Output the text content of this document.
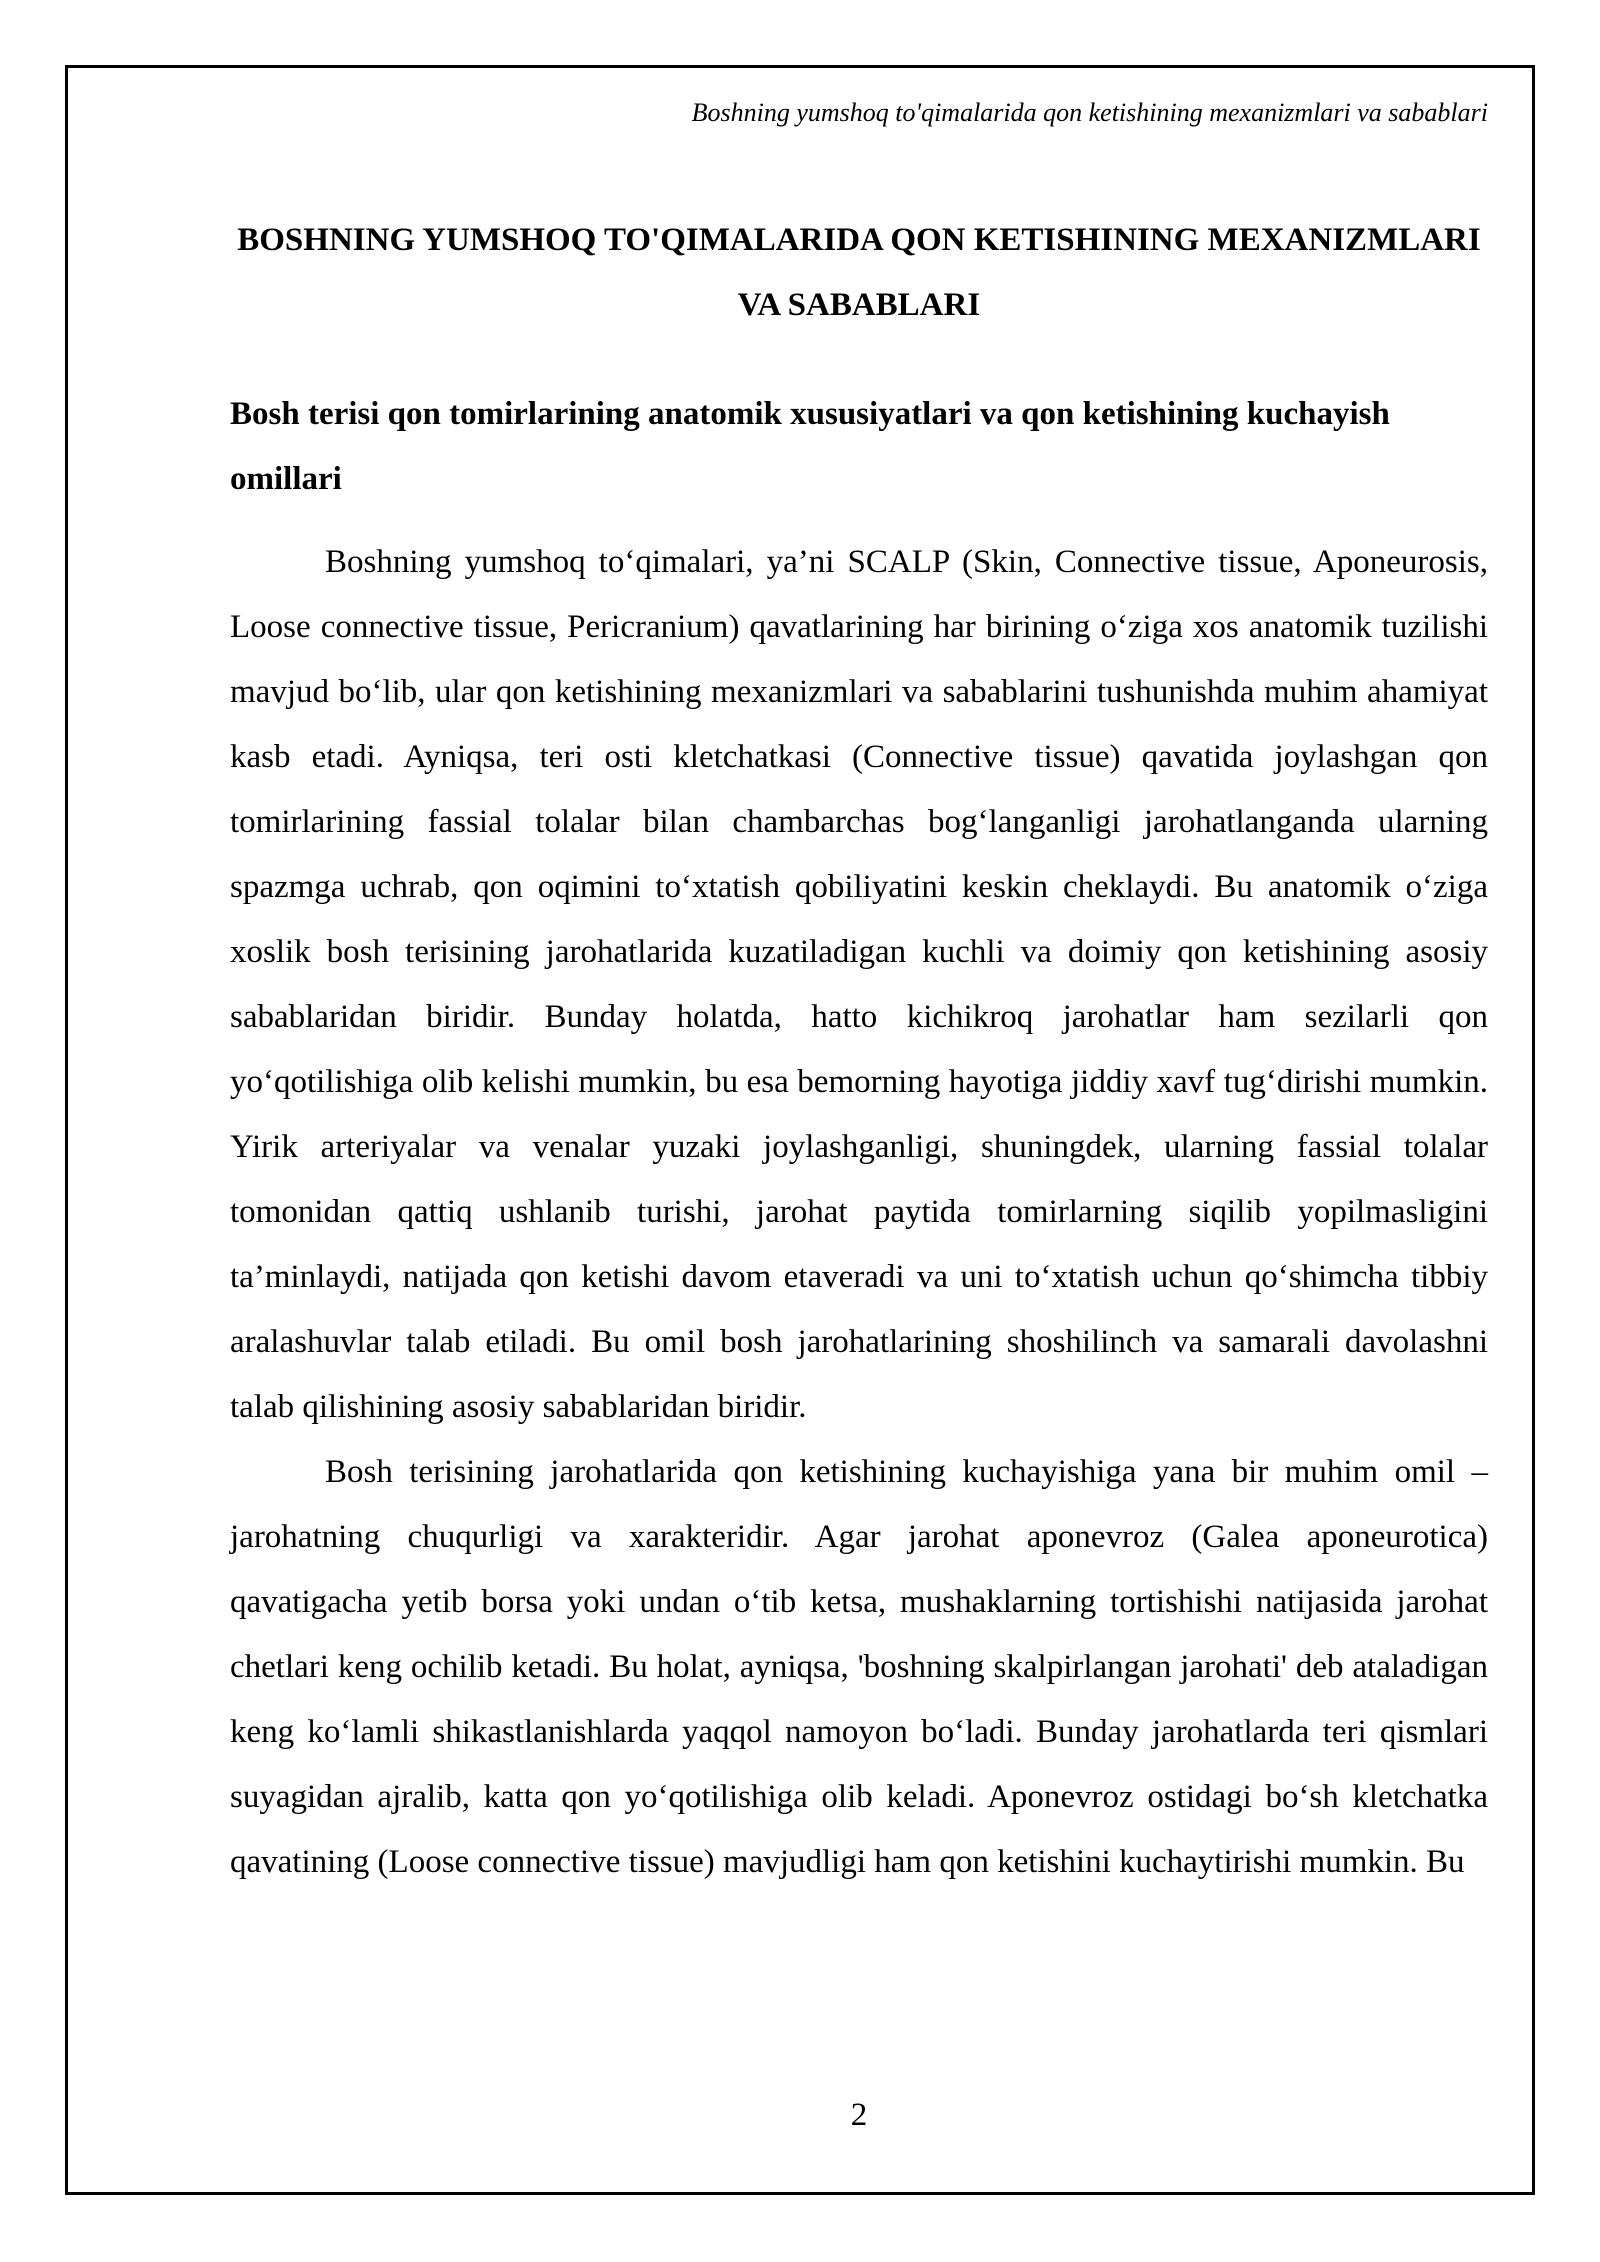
Boshning yumshoq to'qimalarida qon ketishining mexanizmlari va sabablari
BOSHNING YUMSHOQ TO'QIMALARIDA QON KETISHINING MEXANIZMLARI VA SABABLARI
Bosh terisi qon tomirlarining anatomik xususiyatlari va qon ketishining kuchayish omillari

Boshning yumshoq to‘qimalari, ya’ni SCALP (Skin, Connective tissue, Aponeurosis, Loose connective tissue, Pericranium) qavatlarining har birining o‘ziga xos anatomik tuzilishi mavjud bo‘lib, ular qon ketishining mexanizmlari va sabablarini tushunishda muhim ahamiyat kasb etadi. Ayniqsa, teri osti kletchatkasi (Connective tissue) qavatida joylashgan qon tomirlarining fassial tolalar bilan chambarchas bog‘langanligi jarohatlanganda ularning spazmga uchrab, qon oqimini to‘xtatish qobiliyatini keskin cheklaydi. Bu anatomik o‘ziga xoslik bosh terisining jarohatlarida kuzatiladigan kuchli va doimiy qon ketishining asosiy sabablaridan biridir. Bunday holatda, hatto kichikroq jarohatlar ham sezilarli qon yo‘qotilishiga olib kelishi mumkin, bu esa bemorning hayotiga jiddiy xavf tug‘dirishi mumkin. Yirik arteriyalar va venalar yuzaki joylashganligi, shuningdek, ularning fassial tolalar tomonidan qattiq ushlanib turishi, jarohat paytida tomirlarning siqilib yopilmasligini ta’minlaydi, natijada qon ketishi davom etaveradi va uni to‘xtatish uchun qo‘shimcha tibbiy aralashuvlar talab etiladi. Bu omil bosh jarohatlarining shoshilinch va samarali davolashni talab qilishining asosiy sabablaridan biridir.

Bosh terisining jarohatlarida qon ketishining kuchayishiga yana bir muhim omil – jarohatning chuqurligi va xarakteridir. Agar jarohat aponevroz (Galea aponeurotica) qavatigacha yetib borsa yoki undan o‘tib ketsa, mushaklarning tortishishi natijasida jarohat chetlari keng ochilib ketadi. Bu holat, ayniqsa, 'boshning skalpirlangan jarohati' deb ataladigan keng ko‘lamli shikastlanishlarda yaqqol namoyon bo‘ladi. Bunday jarohatlarda teri qismlari suyagidan ajralib, katta qon yo‘qotilishiga olib keladi. Aponevroz ostidagi bo‘sh kletchatka qavatining (Loose connective tissue) mavjudligi ham qon ketishini kuchaytirishi mumkin. Bu

2
